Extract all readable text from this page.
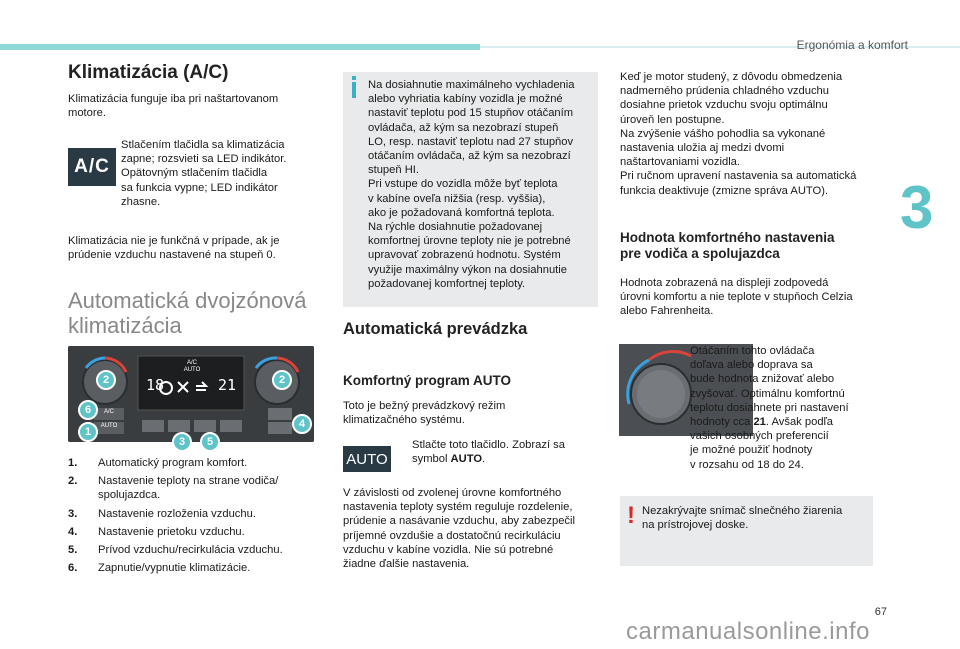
Ergonómia a komfort
3
Klimatizácia (A/C)

Klimatizácia funguje iba pri naštartovanom motore.

A/C
Stlačením tlačidla sa klimatizácia
zapne; rozsvieti sa LED indikátor.
Opätovným stlačením tlačidla
sa funkcia vypne; LED indikátor
zhasne.
Klimatizácia nie je funkčná v prípade, ak je
prúdenie vzduchu nastavené na stupeň 0.
Automatická dvojzónová
klimatizácia
18	21
A/C
AUTO
A/C
AUTO
2	2
6
1
3	5
4
1.	Automatický program komfort.
2.	Nastavenie teploty na strane vodiča/ spolujazdca.
3.	Nastavenie rozloženia vzduchu.
4.	Nastavenie prietoku vzduchu.
5.	Prívod vzduchu/recirkulácia vzduchu.
6.	Zapnutie/vypnutie klimatizácie.
Na dosiahnutie maximálneho vychladenia
alebo vyhriatia kabíny vozidla je možné
nastaviť teplotu pod 15 stupňov otáčaním
ovládača, až kým sa nezobrazí stupeň
LO, resp. nastaviť teplotu nad 27 stupňov
otáčaním ovládača, až kým sa nezobrazí
stupeň HI.
Pri vstupe do vozidla môže byť teplota
v kabíne oveľa nižšia (resp. vyššia),
ako je požadovaná komfortná teplota.
Na rýchle dosiahnutie požadovanej
komfortnej úrovne teploty nie je potrebné
upravovať zobrazenú hodnotu. Systém
využije maximálny výkon na dosiahnutie
požadovanej komfortnej teploty.
Automatická prevádzka
Komfortný program AUTO
Toto je bežný prevádzkový režim
klimatizačného systému.
AUTO
Stlačte toto tlačidlo. Zobrazí sa
symbol AUTO.
V závislosti od zvolenej úrovne komfortného
nastavenia teploty systém reguluje rozdelenie,
prúdenie a nasávanie vzduchu, aby zabezpečil
príjemné ovzdušie a dostatočnú recirkuláciu
vzduchu v kabíne vozidla. Nie sú potrebné
žiadne ďalšie nastavenia.
Keď je motor studený, z dôvodu obmedzenia
nadmerného prúdenia chladného vzduchu
dosiahne prietok vzduchu svoju optimálnu
úroveň len postupne.
Na zvýšenie vášho pohodlia sa vykonané
nastavenia uložia aj medzi dvomi
naštartovaniami vozidla.
Pri ručnom upravení nastavenia sa automatická
funkcia deaktivuje (zmizne správa AUTO).
Hodnota komfortného nastavenia
pre vodiča a spolujazdca
Hodnota zobrazená na displeji zodpovedá
úrovni komfortu a nie teplote v stupňoch Celzia
alebo Fahrenheita.
Otáčaním tohto ovládača
doľava alebo doprava sa
bude hodnota znižovať alebo
zvyšovať. Optimálnu komfortnú
teplotu dosiahnete pri nastavení
hodnoty cca 21. Avšak podľa
vašich osobných preferencií
je možné použiť hodnoty
v rozsahu od 18 do 24.
! Nezakrývajte snímač slnečného žiarenia
na prístrojovej doske.
67
carmanualsonline.info
